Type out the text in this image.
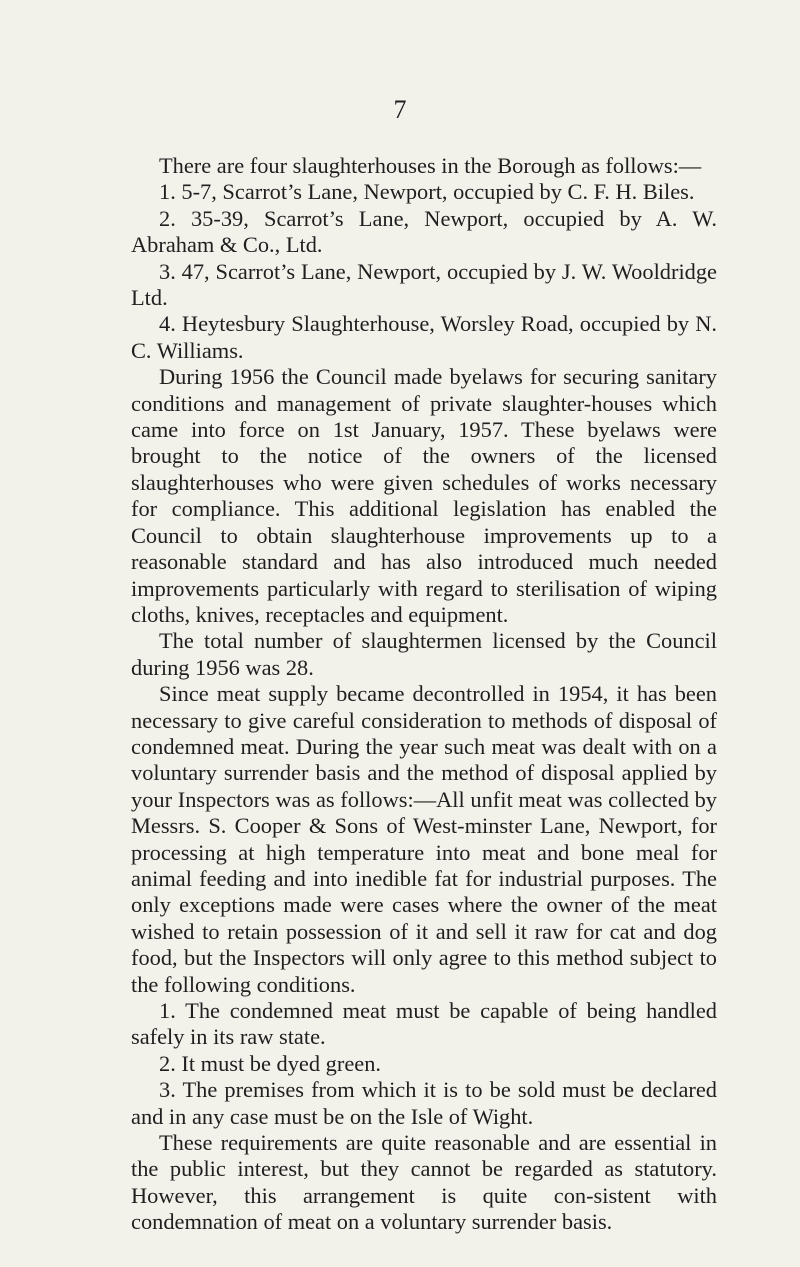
7

There are four slaughterhouses in the Borough as follows:—

1. 5-7, Scarrot’s Lane, Newport, occupied by C. F. H. Biles.

2. 35-39, Scarrot’s Lane, Newport, occupied by A. W. Abraham & Co., Ltd.

3. 47, Scarrot’s Lane, Newport, occupied by J. W. Wooldridge Ltd.

4. Heytesbury Slaughterhouse, Worsley Road, occupied by N. C. Williams.

During 1956 the Council made byelaws for securing sanitary conditions and management of private slaughter-houses which came into force on 1st January, 1957. These byelaws were brought to the notice of the owners of the licensed slaughterhouses who were given schedules of works necessary for compliance. This additional legislation has enabled the Council to obtain slaughterhouse improvements up to a reasonable standard and has also introduced much needed improvements particularly with regard to sterilisation of wiping cloths, knives, receptacles and equipment.

The total number of slaughtermen licensed by the Council during 1956 was 28.

Since meat supply became decontrolled in 1954, it has been necessary to give careful consideration to methods of disposal of condemned meat. During the year such meat was dealt with on a voluntary surrender basis and the method of disposal applied by your Inspectors was as follows:—All unfit meat was collected by Messrs. S. Cooper & Sons of West-minster Lane, Newport, for processing at high temperature into meat and bone meal for animal feeding and into inedible fat for industrial purposes. The only exceptions made were cases where the owner of the meat wished to retain possession of it and sell it raw for cat and dog food, but the Inspectors will only agree to this method subject to the following conditions.

1. The condemned meat must be capable of being handled safely in its raw state.

2. It must be dyed green.

3. The premises from which it is to be sold must be declared and in any case must be on the Isle of Wight.

These requirements are quite reasonable and are essential in the public interest, but they cannot be regarded as statutory. However, this arrangement is quite con-sistent with condemnation of meat on a voluntary surrender basis.
